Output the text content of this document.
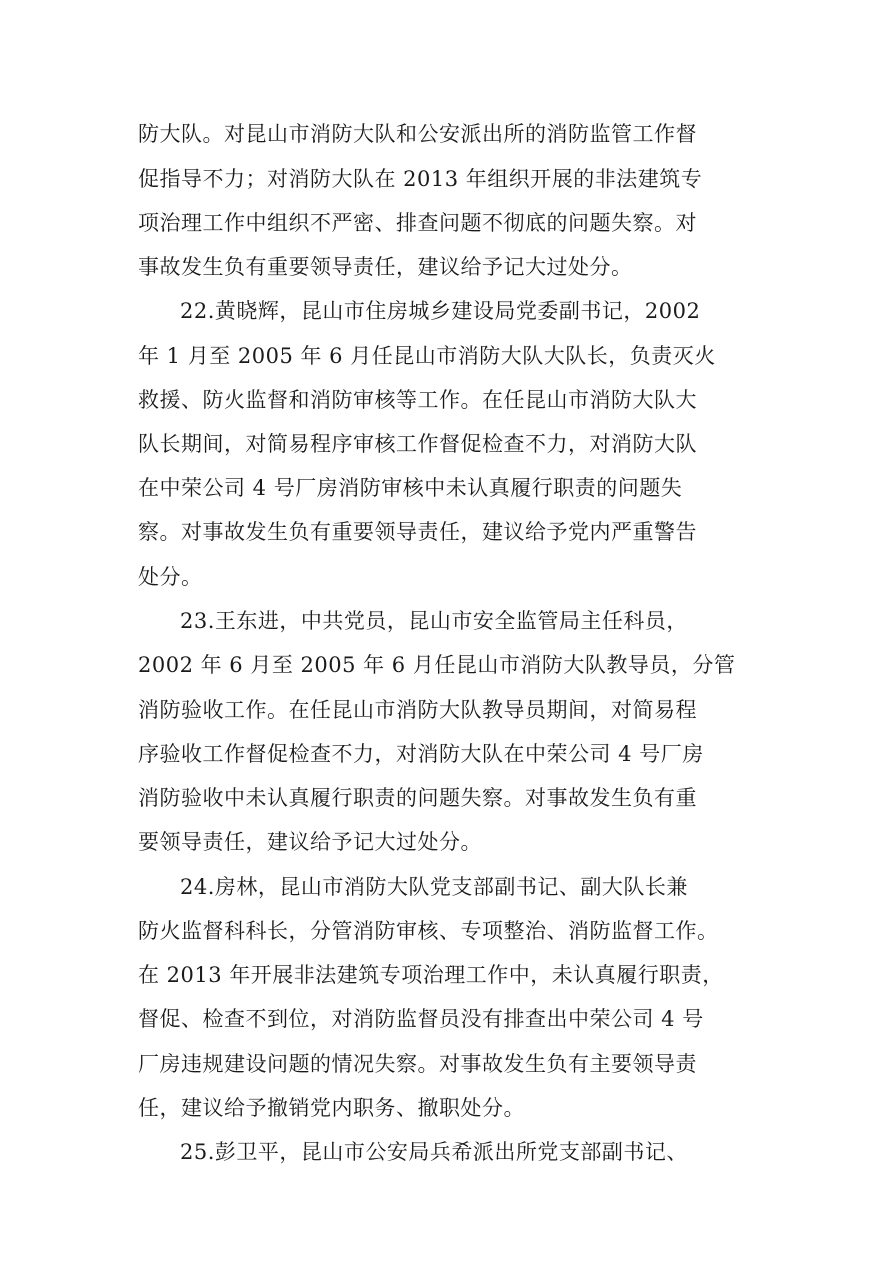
防大队。对昆山市消防大队和公安派出所的消防监管工作督
促指导不力；对消防大队在 2013 年组织开展的非法建筑专
项治理工作中组织不严密、排查问题不彻底的问题失察。对
事故发生负有重要领导责任，建议给予记大过处分。
22.黄晓辉，昆山市住房城乡建设局党委副书记，2002
年 1 月至 2005 年 6 月任昆山市消防大队大队长，负责灭火
救援、防火监督和消防审核等工作。在任昆山市消防大队大
队长期间，对简易程序审核工作督促检查不力，对消防大队
在中荣公司 4 号厂房消防审核中未认真履行职责的问题失
察。对事故发生负有重要领导责任，建议给予党内严重警告
处分。
23.王东进，中共党员，昆山市安全监管局主任科员，
2002 年 6 月至 2005 年 6 月任昆山市消防大队教导员，分管
消防验收工作。在任昆山市消防大队教导员期间，对简易程
序验收工作督促检查不力，对消防大队在中荣公司 4 号厂房
消防验收中未认真履行职责的问题失察。对事故发生负有重
要领导责任，建议给予记大过处分。
24.房林，昆山市消防大队党支部副书记、副大队长兼
防火监督科科长，分管消防审核、专项整治、消防监督工作。
在 2013 年开展非法建筑专项治理工作中，未认真履行职责，
督促、检查不到位，对消防监督员没有排查出中荣公司 4 号
厂房违规建设问题的情况失察。对事故发生负有主要领导责
任，建议给予撤销党内职务、撤职处分。
25.彭卫平，昆山市公安局兵希派出所党支部副书记、
